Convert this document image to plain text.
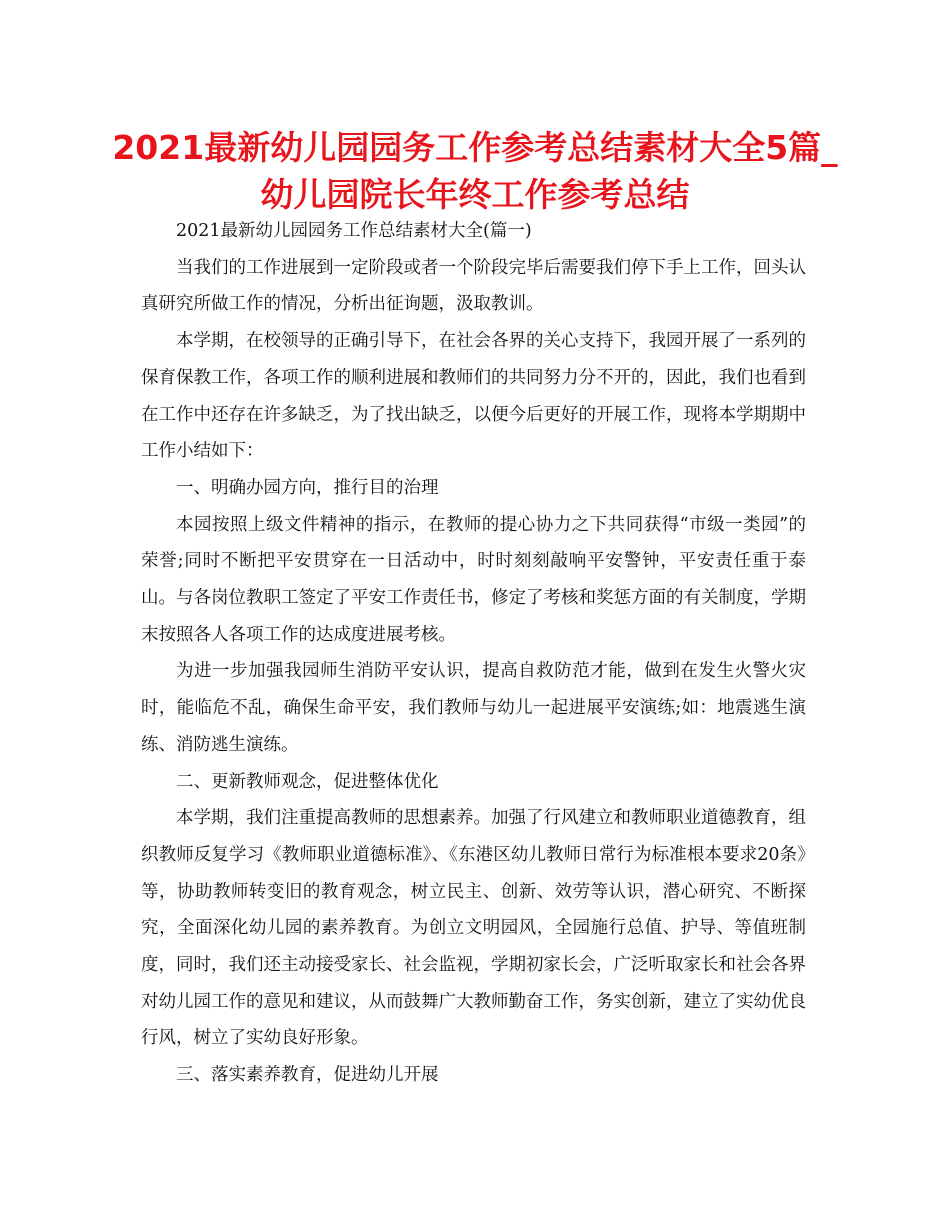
2021最新幼儿园园务工作参考总结素材大全5篇_幼儿园院长年终工作参考总结

2021最新幼儿园园务工作总结素材大全(篇一)

当我们的工作进展到一定阶段或者一个阶段完毕后需要我们停下手上工作，回头认真研究所做工作的情况，分析出征询题，汲取教训。

本学期，在校领导的正确引导下，在社会各界的关心支持下，我园开展了一系列的保育保教工作，各项工作的顺利进展和教师们的共同努力分不开的，因此，我们也看到在工作中还存在许多缺乏，为了找出缺乏，以便今后更好的开展工作，现将本学期期中工作小结如下：

一、明确办园方向，推行目的治理

本园按照上级文件精神的指示，在教师的提心协力之下共同获得“市级一类园”的荣誉;同时不断把平安贯穿在一日活动中，时时刻刻敲响平安警钟，平安责任重于泰山。与各岗位教职工签定了平安工作责任书，修定了考核和奖惩方面的有关制度，学期末按照各人各项工作的达成度进展考核。

为进一步加强我园师生消防平安认识，提高自救防范才能，做到在发生火警火灾时，能临危不乱，确保生命平安，我们教师与幼儿一起进展平安演练;如：地震逃生演练、消防逃生演练。

二、更新教师观念，促进整体优化

本学期，我们注重提高教师的思想素养。加强了行风建立和教师职业道德教育，组织教师反复学习《教师职业道德标准》、《东港区幼儿教师日常行为标准根本要求20条》等，协助教师转变旧的教育观念，树立民主、创新、效劳等认识，潜心研究、不断探究，全面深化幼儿园的素养教育。为创立文明园风，全园施行总值、护导、等值班制度，同时，我们还主动接受家长、社会监视，学期初家长会，广泛听取家长和社会各界对幼儿园工作的意见和建议，从而鼓舞广大教师勤奋工作，务实创新，建立了实幼优良行风，树立了实幼良好形象。

三、落实素养教育，促进幼儿开展
